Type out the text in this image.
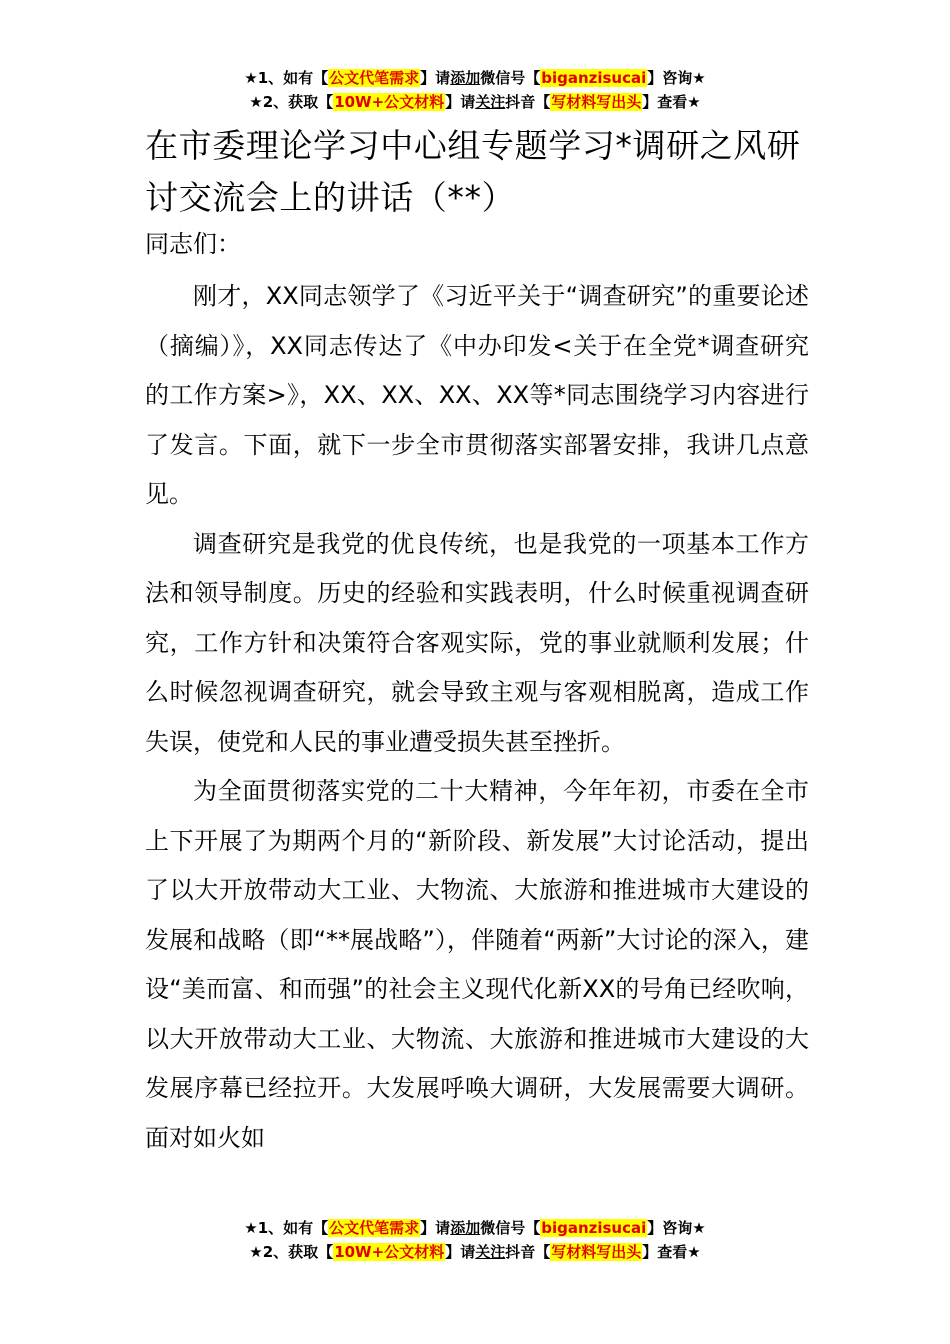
★1、如有【公文代笔需求】请添加微信号【biganzisucai】咨询★
★2、获取【10W+公文材料】请关注抖音【写材料写出头】查看★
在市委理论学习中心组专题学习*调研之风研讨交流会上的讲话（**）

同志们：

刚才，XX同志领学了《习近平关于“调查研究”的重要论述（摘编）》，XX同志传达了《中办印发<关于在全党*调查研究的工作方案>》，XX、XX、XX、XX等*同志围绕学习内容进行了发言。下面，就下一步全市贯彻落实部署安排，我讲几点意见。

调查研究是我党的优良传统，也是我党的一项基本工作方法和领导制度。历史的经验和实践表明，什么时候重视调查研究，工作方针和决策符合客观实际，党的事业就顺利发展；什么时候忽视调查研究，就会导致主观与客观相脱离，造成工作失误，使党和人民的事业遭受损失甚至挫折。

为全面贯彻落实党的二十大精神，今年年初，市委在全市上下开展了为期两个月的“新阶段、新发展”大讨论活动，提出了以大开放带动大工业、大物流、大旅游和推进城市大建设的发展和战略（即“**展战略”），伴随着“两新”大讨论的深入，建设“美而富、和而强”的社会主义现代化新XX的号角已经吹响，以大开放带动大工业、大物流、大旅游和推进城市大建设的大发展序幕已经拉开。大发展呼唤大调研，大发展需要大调研。面对如火如

★1、如有【公文代笔需求】请添加微信号【biganzisucai】咨询★
★2、获取【10W+公文材料】请关注抖音【写材料写出头】查看★
